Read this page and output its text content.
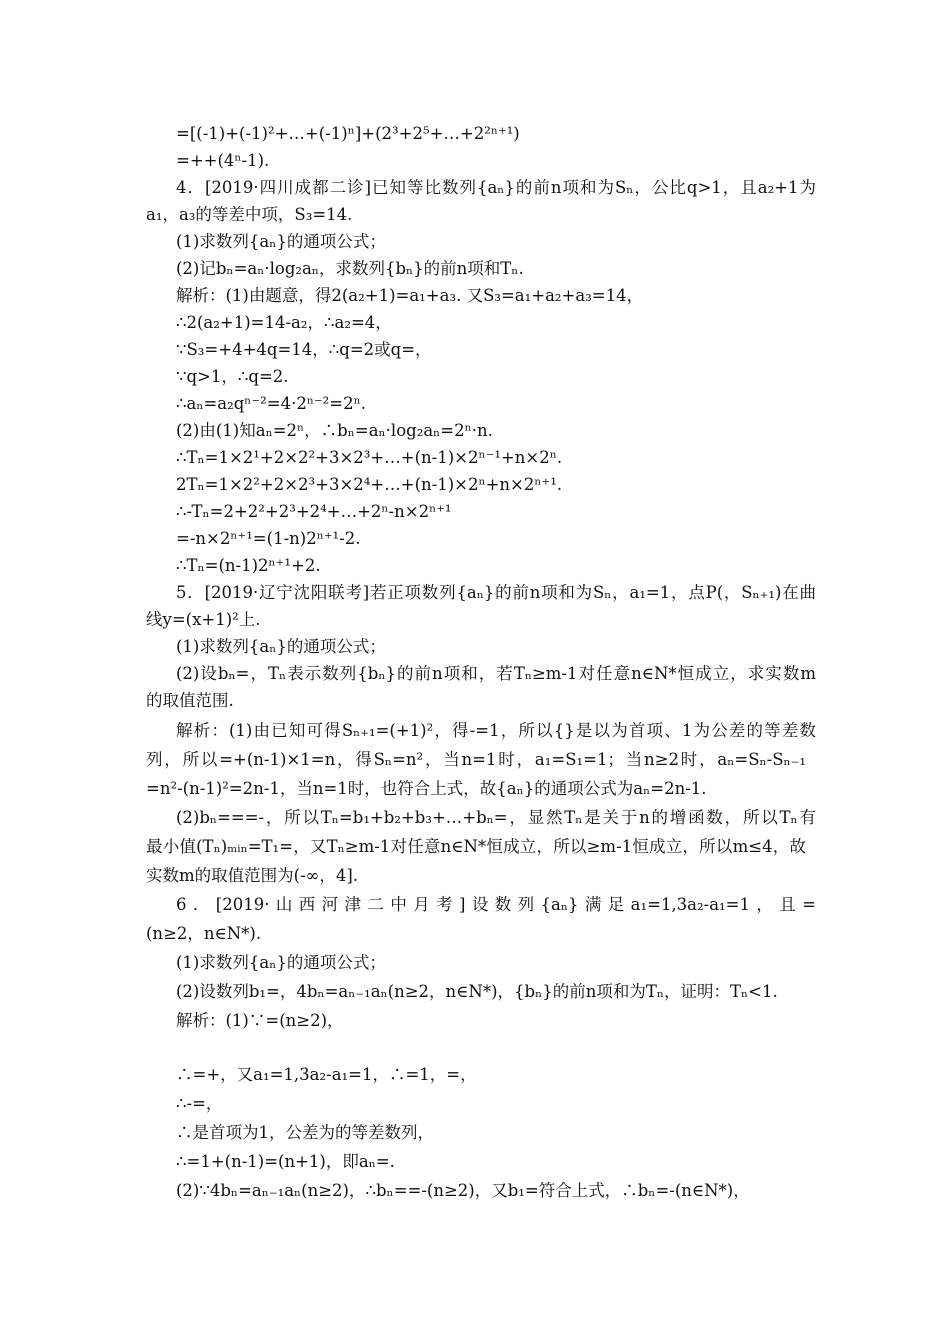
=[(-1)+(-1)²+…+(-1)ⁿ]+(2³+2⁵+…+2²ⁿ⁺¹)
=++(4ⁿ-1).
4．[2019·四川成都二诊]已知等比数列{aₙ}的前n项和为Sₙ，公比q>1，且a₂+1为
a₁，a₃的等差中项，S₃=14.
(1)求数列{aₙ}的通项公式；
(2)记bₙ=aₙ·log₂aₙ，求数列{bₙ}的前n项和Tₙ.
解析：(1)由题意，得2(a₂+1)=a₁+a₃. 又S₃=a₁+a₂+a₃=14，
∴2(a₂+1)=14-a₂，∴a₂=4，
∵S₃=+4+4q=14，∴q=2或q=，
∵q>1，∴q=2.
∴aₙ=a₂qⁿ⁻²=4·2ⁿ⁻²=2ⁿ.
(2)由(1)知aₙ=2ⁿ，∴bₙ=aₙ·log₂aₙ=2ⁿ·n.
∴Tₙ=1×2¹+2×2²+3×2³+…+(n-1)×2ⁿ⁻¹+n×2ⁿ.
2Tₙ=1×2²+2×2³+3×2⁴+…+(n-1)×2ⁿ+n×2ⁿ⁺¹.
∴-Tₙ=2+2²+2³+2⁴+…+2ⁿ-n×2ⁿ⁺¹
=-n×2ⁿ⁺¹=(1-n)2ⁿ⁺¹-2.
∴Tₙ=(n-1)2ⁿ⁺¹+2.
5．[2019·辽宁沈阳联考]若正项数列{aₙ}的前n项和为Sₙ，a₁=1，点P(，Sₙ₊₁)在曲
线y=(x+1)²上.
(1)求数列{aₙ}的通项公式；
(2)设bₙ=，Tₙ表示数列{bₙ}的前n项和，若Tₙ≥m-1对任意n∈N*恒成立，求实数m
的取值范围.
解析：(1)由已知可得Sₙ₊₁=(+1)²，得-=1，所以{}是以为首项、1为公差的等差数
列，所以=+(n-1)×1=n，得Sₙ=n²，当n=1时，a₁=S₁=1；当n≥2时，aₙ=Sₙ-Sₙ₋₁
=n²-(n-1)²=2n-1，当n=1时，也符合上式，故{aₙ}的通项公式为aₙ=2n-1.
(2)bₙ===-，所以Tₙ=b₁+b₂+b₃+…+bₙ=，显然Tₙ是关于n的增函数，所以Tₙ有
最小值(Tₙ)ₘᵢₙ=T₁=，又Tₙ≥m-1对任意n∈N*恒成立，所以≥m-1恒成立，所以m≤4，故
实数m的取值范围为(-∞，4].
6．[2019·山西河津二中月考]设数列{aₙ}满足a₁=1,3a₂-a₁=1，且=
(n≥2，n∈N*).
(1)求数列{aₙ}的通项公式；
(2)设数列b₁=，4bₙ=aₙ₋₁aₙ(n≥2，n∈N*)，{bₙ}的前n项和为Tₙ，证明：Tₙ<1.
解析：(1)∵=(n≥2)，
∴=+，又a₁=1,3a₂-a₁=1，∴=1，=，
∴-=，
∴是首项为1，公差为的等差数列，
∴=1+(n-1)=(n+1)，即aₙ=.
(2)∵4bₙ=aₙ₋₁aₙ(n≥2)，∴bₙ==-(n≥2)，又b₁=符合上式，∴bₙ=-(n∈N*)，
